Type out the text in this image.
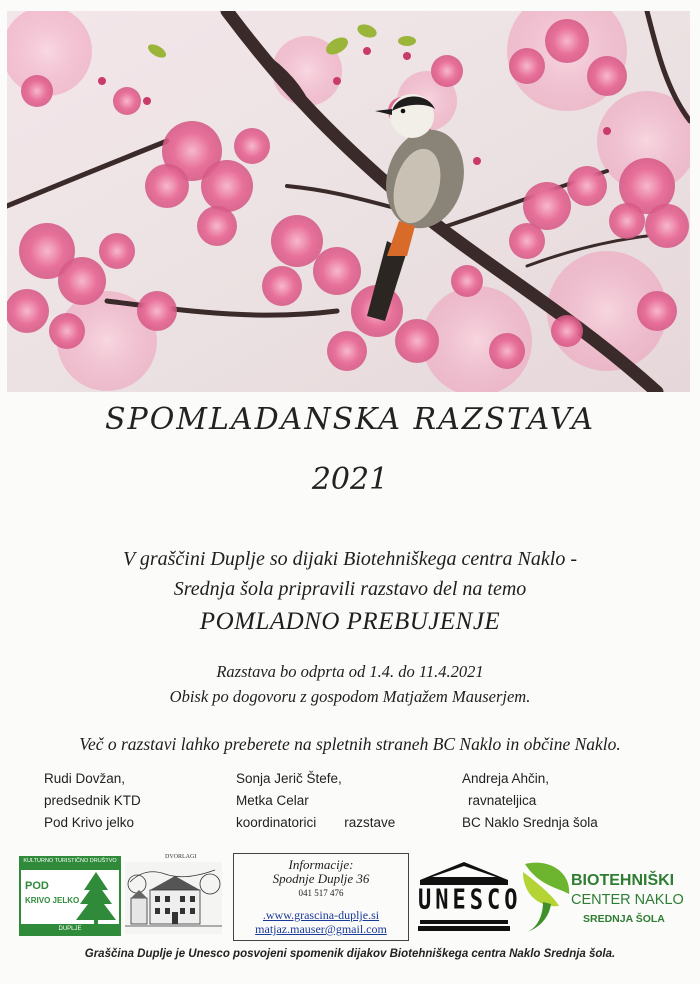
SPOMLADANSKA RAZSTAVA
2021
V graščini Duplje so dijaki Biotehniškega centra Naklo -
Srednja šola pripravili razstavo del na temo
POMLADNO PREBUJENJE
Razstava bo odprta od 1.4. do 11.4.2021
Obisk po dogovoru z gospodom Matjažem Mauserjem.
Več o razstavi lahko preberete na spletnih straneh BC Naklo in občine Naklo.
Rudi Dovžan,
predsednik KTD
Pod Krivo jelko
Sonja Jerič Štefe,
Metka Celar
koordinatorici razstave
Andreja Ahčin,
ravnateljica
BC Naklo Srednja šola
KULTURNO TURISTIČNO DRUŠTVO
POD
KRIVO JELKO
DUPLJE
DVORLAGI	Informacije:
Spodnje Duplje 36
041 517 476
.www.grascina-duplje.si
matjaz.mauser@gmail.com
UNESCO
BIOTEHNIŠKI
CENTER NAKLO
SREDNJA ŠOLA
Graščina Duplje je Unesco posvojeni spomenik dijakov Biotehniškega centra Naklo Srednja šola.
